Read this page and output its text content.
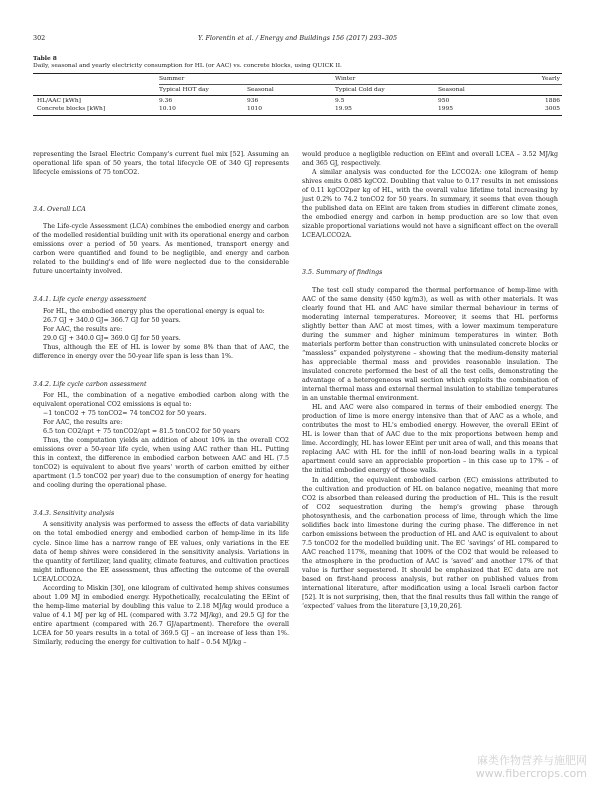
302	Y. Florentin et al. / Energy and Buildings 156 (2017) 293–305
Table 8
Daily, seasonal and yearly electricity consumption for HL (or AAC) vs. concrete blocks, using QUICK II.
Summer	Winter	Yearly
Typical HOT day	Seasonal	Typical Cold day	Seasonal
HL/AAC [kWh]	9.36	936	9.5	950	1886
Concrete blocks [kWh]	10.10	1010	19.95	1995	3005

representing the Israel Electric Company's current fuel mix [52]. Assuming an operational life span of 50 years, the total lifecycle OE of 340 GJ represents lifecycle emissions of 75 tonCO2.

3.4. Overall LCA

The Life-cycle Assessment (LCA) combines the embodied energy and carbon of the modelled residential building unit with its operational energy and carbon emissions over a period of 50 years. As mentioned, transport energy and carbon were quantified and found to be negligible, and energy and carbon related to the building's end of life were neglected due to the considerable future uncertainty involved.

3.4.1. Life cycle energy assessment

For HL, the embodied energy plus the operational energy is equal to:

26.7 GJ + 340.0 GJ= 366.7 GJ for 50 years.

For AAC, the results are:

29.0 GJ + 340.0 GJ= 369.0 GJ for 50 years.

Thus, although the EE of HL is lower by some 8% than that of AAC, the difference in energy over the 50-year life span is less than 1%.

3.4.2. Life cycle carbon assessment

For HL, the combination of a negative embodied carbon along with the equivalent operational CO2 emissions is equal to:

−1 tonCO2 + 75 tonCO2= 74 tonCO2 for 50 years.

For AAC, the results are:

6.5 ton CO2/apt + 75 tonCO2/apt = 81.5 tonCO2 for 50 years

Thus, the computation yields an addition of about 10% in the overall CO2 emissions over a 50-year life cycle, when using AAC rather than HL. Putting this in context, the difference in embodied carbon between AAC and HL (7.5 tonCO2) is equivalent to about five years' worth of carbon emitted by either apartment (1.5 tonCO2 per year) due to the consumption of energy for heating and cooling during the operational phase.

3.4.3. Sensitivity analysis

A sensitivity analysis was performed to assess the effects of data variability on the total embodied energy and embodied carbon of hemp-lime in its life cycle. Since lime has a narrow range of EE values, only variations in the EE data of hemp shives were considered in the sensitivity analysis. Variations in the quantity of fertilizer, land quality, climate features, and cultivation practices might influence the EE assessment, thus affecting the outcome of the overall LCEA/LCCO2A.

According to Miskin [30], one kilogram of cultivated hemp shives consumes about 1.09 MJ in embodied energy. Hypothetically, recalculating the EEint of the hemp-lime material by doubling this value to 2.18 MJ/kg would produce a value of 4.1 MJ per kg of HL (compared with 3.72 MJ/kg), and 29.5 GJ for the entire apartment (compared with 26.7 GJ/apartment). Therefore the overall LCEA for 50 years results in a total of 369.5 GJ – an increase of less than 1%. Similarly, reducing the energy for cultivation to half – 0.54 MJ/kg –

would produce a negligible reduction on EEint and overall LCEA – 3.52 MJ/kg and 365 GJ, respectively.

A similar analysis was conducted for the LCCO2A: one kilogram of hemp shives emits 0.085 kgCO2. Doubling that value to 0.17 results in net emissions of 0.11 kgCO2per kg of HL, with the overall value lifetime total increasing by just 0.2% to 74.2 tonCO2 for 50 years. In summary, it seems that even though the published data on EEint are taken from studies in different climate zones, the embodied energy and carbon in hemp production are so low that even sizable proportional variations would not have a significant effect on the overall LCEA/LCCO2A.

3.5. Summary of findings

The test cell study compared the thermal performance of hemp-lime with AAC of the same density (450 kg/m3), as well as with other materials. It was clearly found that HL and AAC have similar thermal behaviour in terms of moderating internal temperatures. Moreover, it seems that HL performs slightly better than AAC at most times, with a lower maximum temperature during the summer and higher minimum temperatures in winter. Both materials perform better than construction with uninsulated concrete blocks or “massless” expanded polystyrene – showing that the medium-density material has appreciable thermal mass and provides reasonable insulation. The insulated concrete performed the best of all the test cells, demonstrating the advantage of a heterogeneous wall section which exploits the combination of internal thermal mass and external thermal insulation to stabilize temperatures in an unstable thermal environment.

HL and AAC were also compared in terms of their embodied energy. The production of lime is more energy intensive than that of AAC as a whole, and contributes the most to HL's embodied energy. However, the overall EEint of HL is lower than that of AAC due to the mix proportions between hemp and lime. Accordingly, HL has lower EEint per unit area of wall, and this means that replacing AAC with HL for the infill of non-load bearing walls in a typical apartment could save an appreciable proportion – in this case up to 17% – of the initial embodied energy of those walls.

In addition, the equivalent embodied carbon (EC) emissions attributed to the cultivation and production of HL on balance negative, meaning that more CO2 is absorbed than released during the production of HL. This is the result of CO2 sequestration during the hemp's growing phase through photosynthesis, and the carbonation process of lime, through which the lime solidifies back into limestone during the curing phase. The difference in net carbon emissions between the production of HL and AAC is equivalent to about 7.5 tonCO2 for the modelled building unit. The EC ‘savings’ of HL compared to AAC reached 117%, meaning that 100% of the CO2 that would be released to the atmosphere in the production of AAC is ‘saved’ and another 17% of that value is further sequestered. It should be emphasized that EC data are not based on first-hand process analysis, but rather on published values from international literature, after modification using a local Israeli carbon factor [52]. It is not surprising, then, that the final results thus fall within the range of ‘expected’ values from the literature [3,19,20,26].

麻类作物营养与施肥网
www.fibercrops.com
